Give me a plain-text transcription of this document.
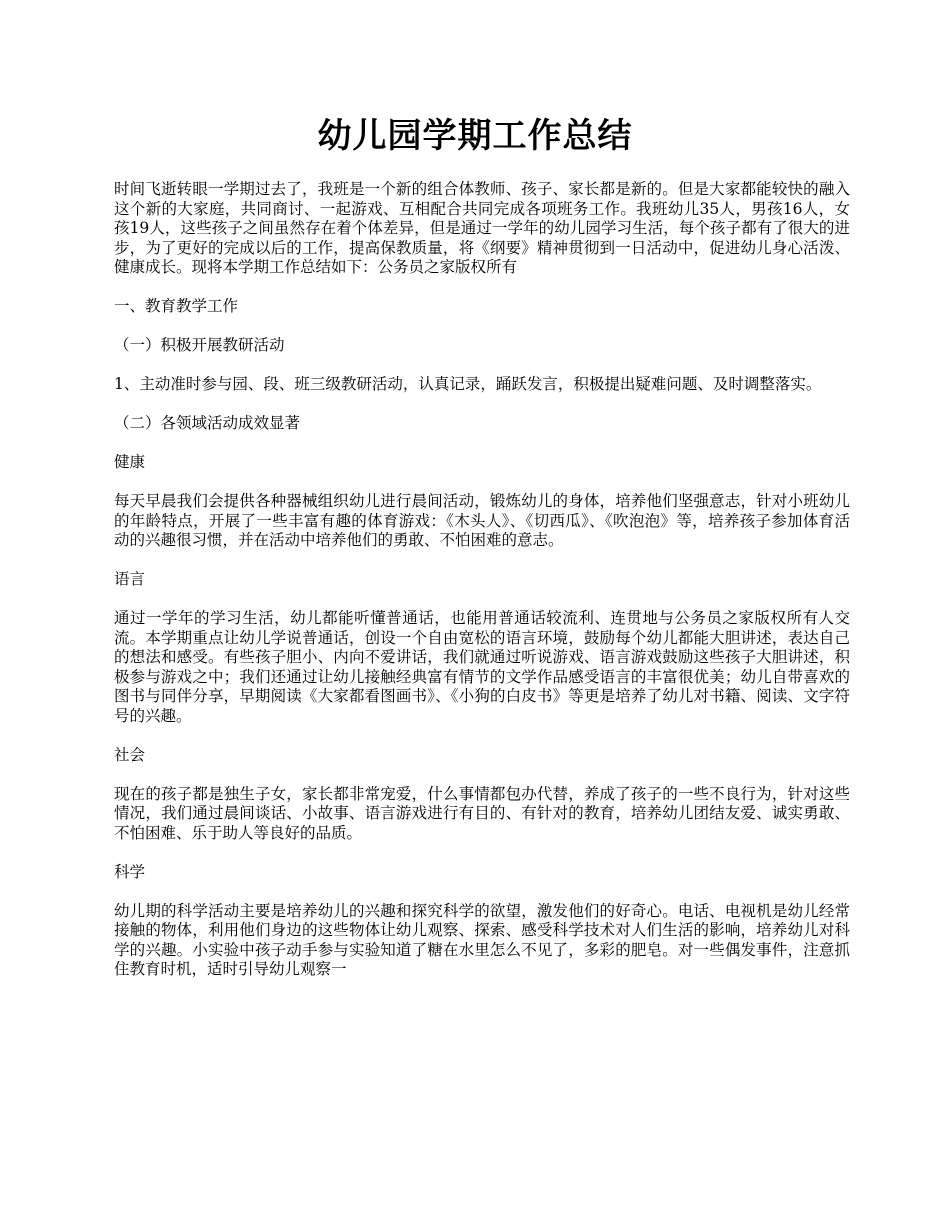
幼儿园学期工作总结

时间飞逝转眼一学期过去了，我班是一个新的组合体教师、孩子、家长都是新的。但是大家都能较快的融入这个新的大家庭，共同商讨、一起游戏、互相配合共同完成各项班务工作。我班幼儿35人，男孩16人，女孩19人，这些孩子之间虽然存在着个体差异，但是通过一学年的幼儿园学习生活，每个孩子都有了很大的进步，为了更好的完成以后的工作，提高保教质量，将《纲要》精神贯彻到一日活动中，促进幼儿身心活泼、健康成长。现将本学期工作总结如下：公务员之家版权所有

一、教育教学工作

（一）积极开展教研活动

1、主动准时参与园、段、班三级教研活动，认真记录，踊跃发言，积极提出疑难问题、及时调整落实。

（二）各领域活动成效显著

健康

每天早晨我们会提供各种器械组织幼儿进行晨间活动，锻炼幼儿的身体，培养他们坚强意志，针对小班幼儿的年龄特点，开展了一些丰富有趣的体育游戏：《木头人》、《切西瓜》、《吹泡泡》等，培养孩子参加体育活动的兴趣很习惯，并在活动中培养他们的勇敢、不怕困难的意志。

语言

通过一学年的学习生活，幼儿都能听懂普通话，也能用普通话较流利、连贯地与公务员之家版权所有人交流。本学期重点让幼儿学说普通话，创设一个自由宽松的语言环境，鼓励每个幼儿都能大胆讲述，表达自己的想法和感受。有些孩子胆小、内向不爱讲话，我们就通过听说游戏、语言游戏鼓励这些孩子大胆讲述，积极参与游戏之中；我们还通过让幼儿接触经典富有情节的文学作品感受语言的丰富很优美；幼儿自带喜欢的图书与同伴分享，早期阅读《大家都看图画书》、《小狗的白皮书》等更是培养了幼儿对书籍、阅读、文字符号的兴趣。

社会

现在的孩子都是独生子女，家长都非常宠爱，什么事情都包办代替，养成了孩子的一些不良行为，针对这些情况，我们通过晨间谈话、小故事、语言游戏进行有目的、有针对的教育，培养幼儿团结友爱、诚实勇敢、不怕困难、乐于助人等良好的品质。

科学

幼儿期的科学活动主要是培养幼儿的兴趣和探究科学的欲望，激发他们的好奇心。电话、电视机是幼儿经常接触的物体，利用他们身边的这些物体让幼儿观察、探索、感受科学技术对人们生活的影响，培养幼儿对科学的兴趣。小实验中孩子动手参与实验知道了糖在水里怎么不见了，多彩的肥皂。对一些偶发事件，注意抓住教育时机，适时引导幼儿观察一
